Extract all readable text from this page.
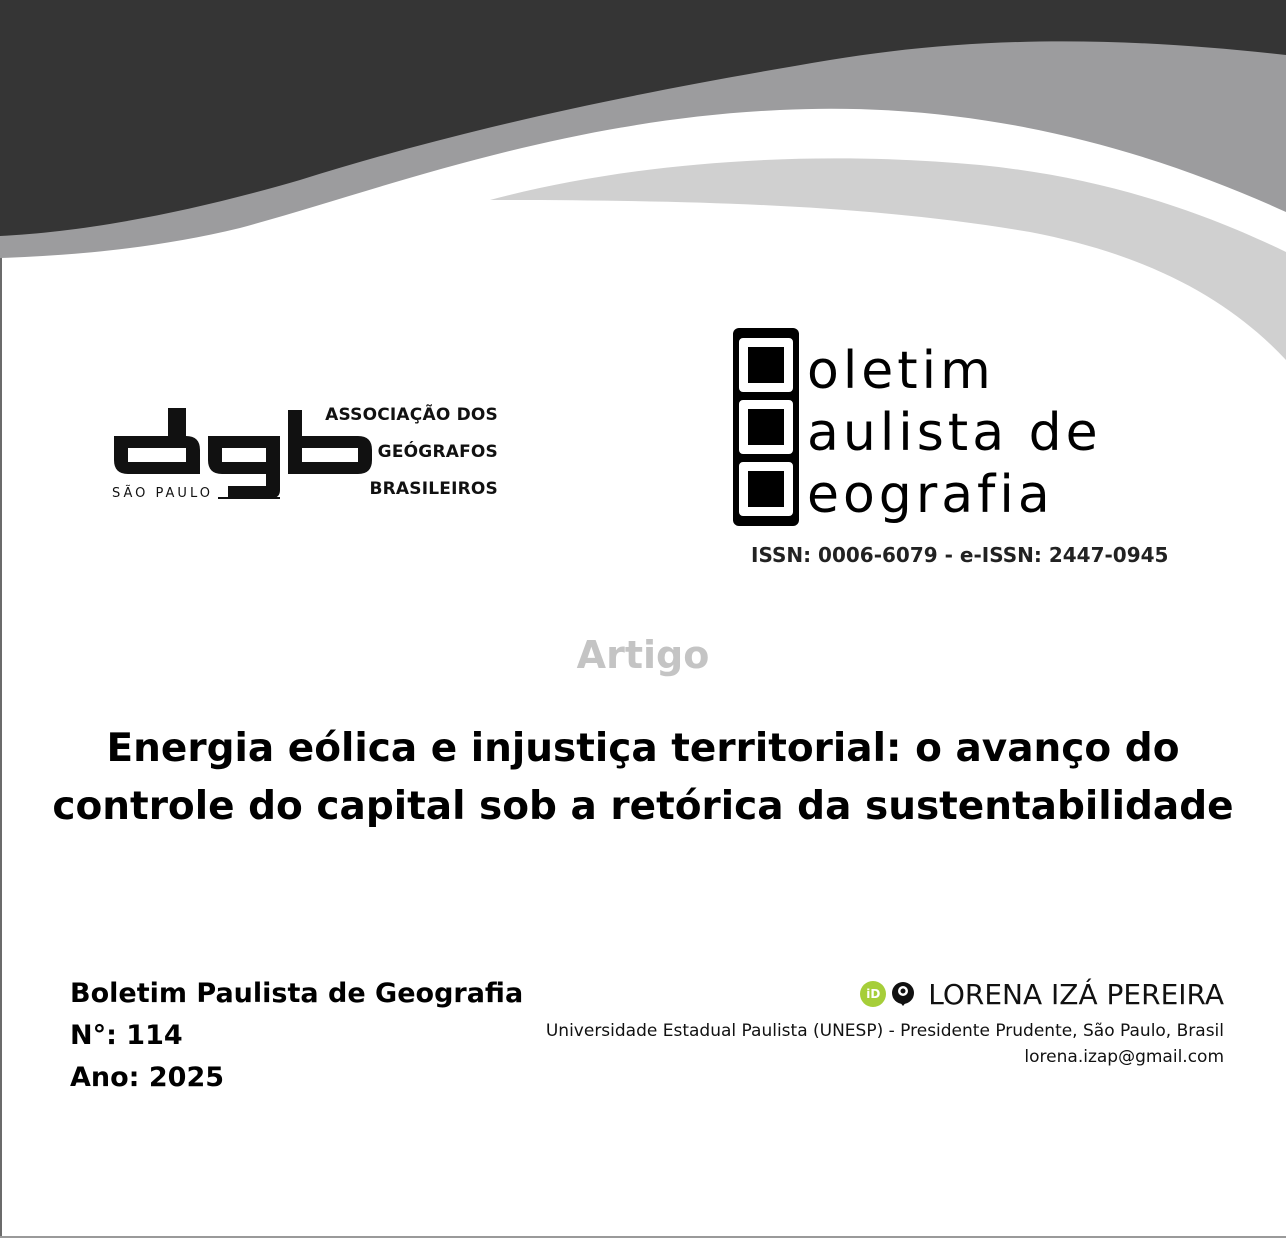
ASSOCIAÇÃO DOS
GEÓGRAFOS
BRASILEIROS
SÃO PAULO
oletim
aulista de
eografia
ISSN: 0006-6079 - e-ISSN: 2447-0945
Artigo
Energia eólica e injustiça territorial: o avanço do controle do capital sob a retórica da sustentabilidade
Boletim Paulista de Geografia
N°: 114
Ano: 2025
iD LORENA IZÁ PEREIRA
Universidade Estadual Paulista (UNESP) - Presidente Prudente, São Paulo, Brasil
lorena.izap@gmail.com
